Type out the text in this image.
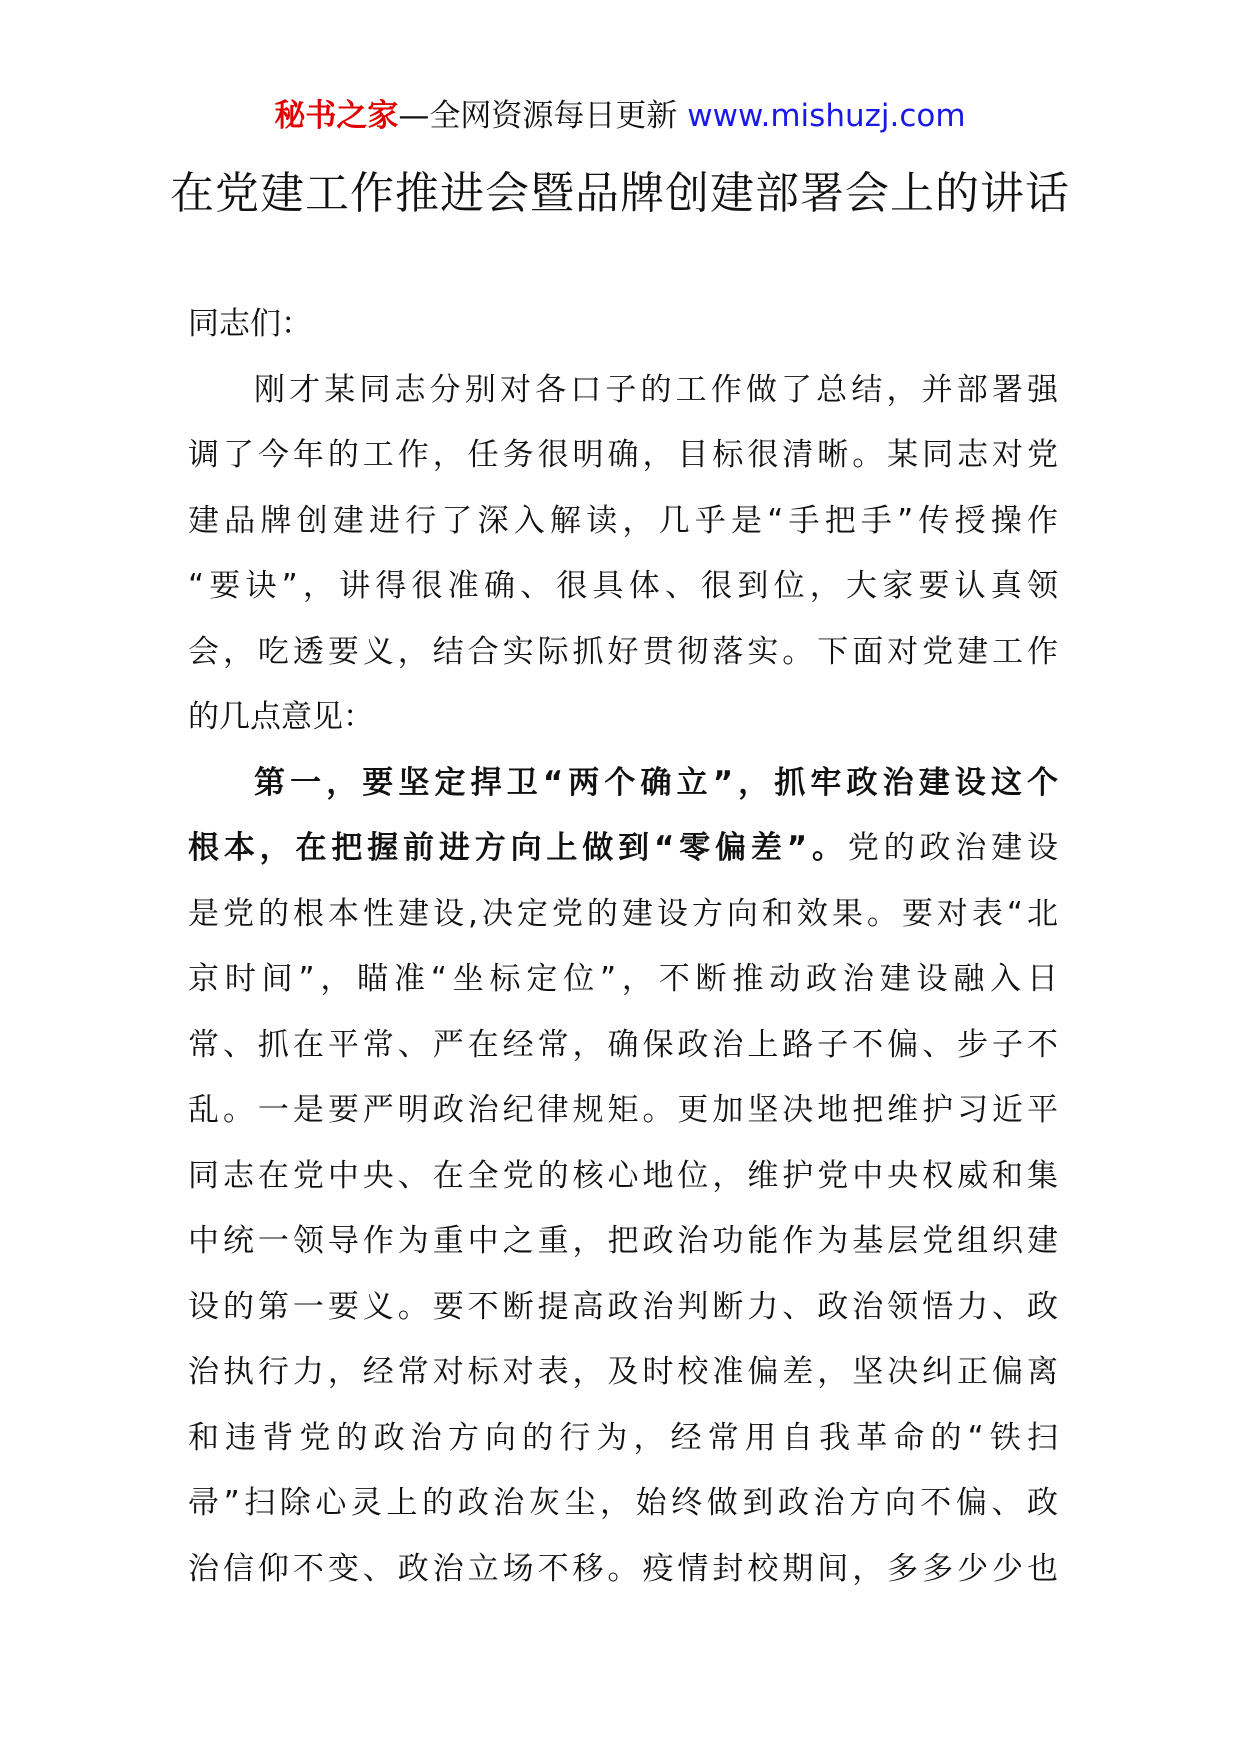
秘书之家—全网资源每日更新 www.mishuzj.com
在党建工作推进会暨品牌创建部署会上的讲话
同志们：
刚才某同志分别对各口子的工作做了总结，并部署强
调了今年的工作，任务很明确，目标很清晰。某同志对党
建品牌创建进行了深入解读，几乎是“手把手”传授操作
“要诀”，讲得很准确、很具体、很到位，大家要认真领
会，吃透要义，结合实际抓好贯彻落实。下面对党建工作
的几点意见：
第一，要坚定捍卫“两个确立”，抓牢政治建设这个
根本，在把握前进方向上做到“零偏差”。党的政治建设
是党的根本性建设,决定党的建设方向和效果。要对表“北
京时间”，瞄准“坐标定位”，不断推动政治建设融入日
常、抓在平常、严在经常，确保政治上路子不偏、步子不
乱。一是要严明政治纪律规矩。更加坚决地把维护习近平
同志在党中央、在全党的核心地位，维护党中央权威和集
中统一领导作为重中之重，把政治功能作为基层党组织建
设的第一要义。要不断提高政治判断力、政治领悟力、政
治执行力，经常对标对表，及时校准偏差，坚决纠正偏离
和违背党的政治方向的行为，经常用自我革命的“铁扫
帚”扫除心灵上的政治灰尘，始终做到政治方向不偏、政
治信仰不变、政治立场不移。疫情封校期间，多多少少也
